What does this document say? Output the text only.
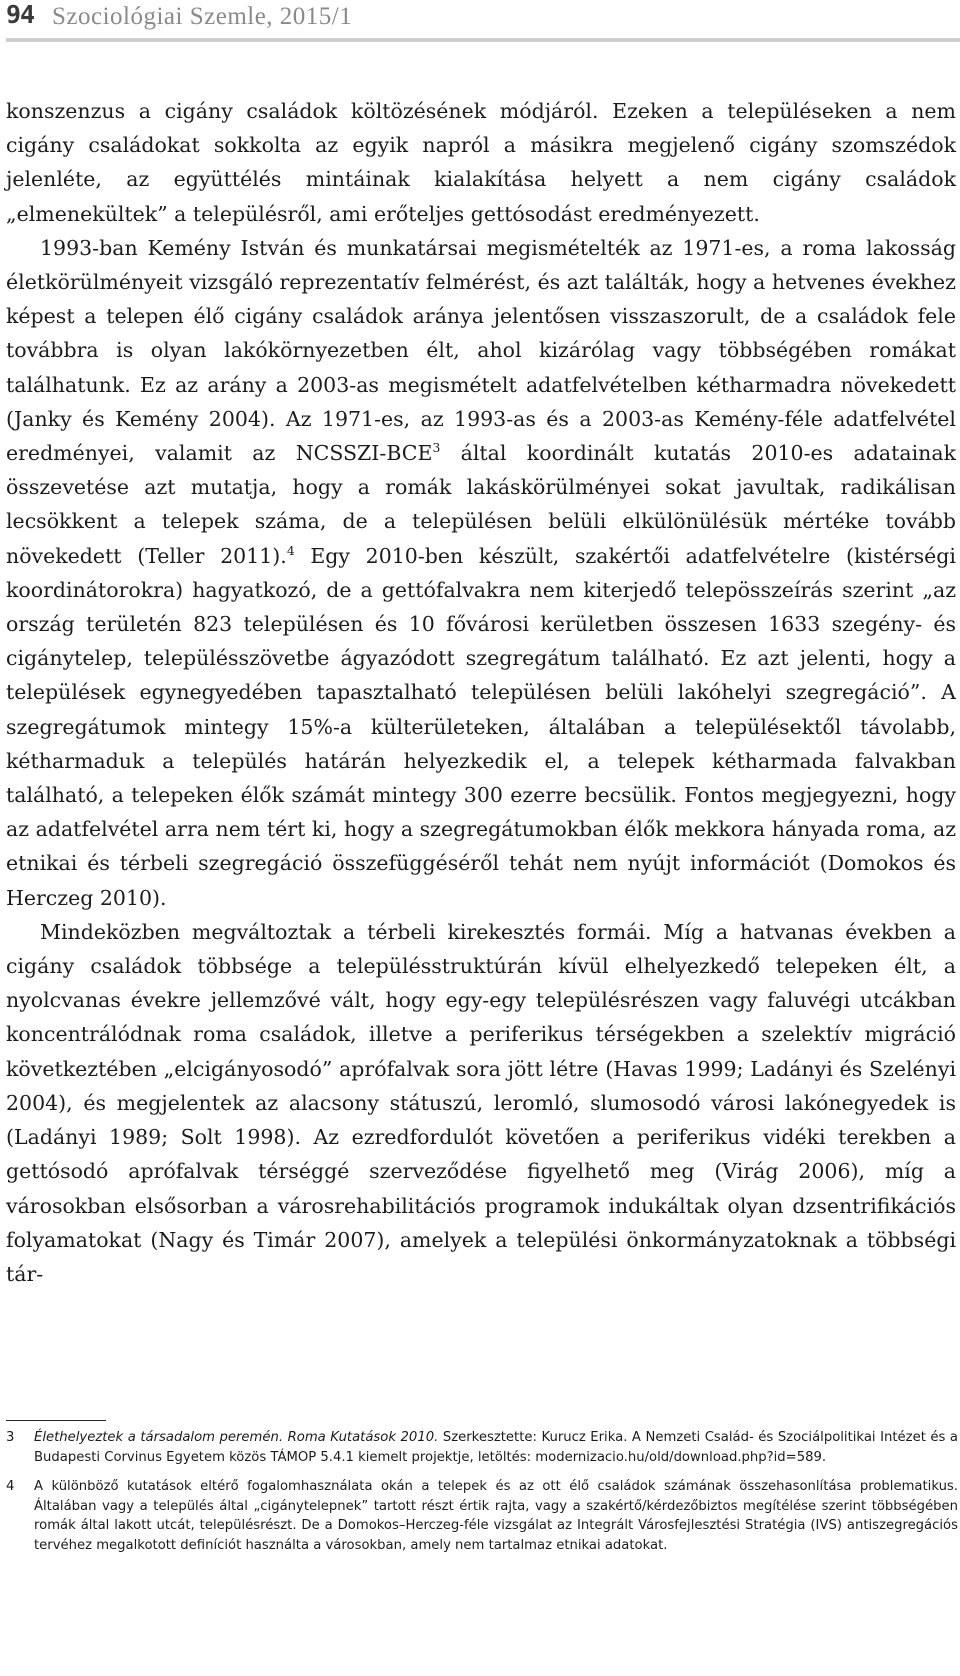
94 Szociológiai Szemle, 2015/1

konszenzus a cigány családok költözésének módjáról. Ezeken a településeken a nem cigány családokat sokkolta az egyik napról a másikra megjelenő cigány szomszédok jelenléte, az együttélés mintáinak kialakítása helyett a nem cigány családok „elmenekültek” a településről, ami erőteljes gettósodást eredményezett.

1993-ban Kemény István és munkatársai megismételték az 1971-es, a roma lakosság életkörülményeit vizsgáló reprezentatív felmérést, és azt találták, hogy a hetvenes évekhez képest a telepen élő cigány családok aránya jelentősen visszaszorult, de a családok fele továbbra is olyan lakókörnyezetben élt, ahol kizárólag vagy többségében romákat találhatunk. Ez az arány a 2003-as megismételt adatfelvételben kétharmadra növekedett (Janky és Kemény 2004). Az 1971-es, az 1993-as és a 2003-as Kemény-féle adatfelvétel eredményei, valamit az NCSSZI-BCE$^3$ által koordinált kutatás 2010-es adatainak összevetése azt mutatja, hogy a romák lakáskörülményei sokat javultak, radikálisan lecsökkent a telepek száma, de a településen belüli elkülönülésük mértéke tovább növekedett (Teller 2011).$^4$ Egy 2010-ben készült, szakértői adatfelvételre (kistérségi koordinátorokra) hagyatkozó, de a gettófalvakra nem kiterjedő telepösszeírás szerint „az ország területén 823 településen és 10 fővárosi kerületben összesen 1633 szegény- és cigánytelep, településszövetbe ágyazódott szegregátum található. Ez azt jelenti, hogy a települések egynegyedében tapasztalható településen belüli lakóhelyi szegregáció”. A szegregátumok mintegy 15%-a külterületeken, általában a településektől távolabb, kétharmaduk a település határán helyezkedik el, a telepek kétharmada falvakban található, a telepeken élők számát mintegy 300 ezerre becsülik. Fontos megjegyezni, hogy az adatfelvétel arra nem tért ki, hogy a szegregátumokban élők mekkora hányada roma, az etnikai és térbeli szegregáció összefüggéséről tehát nem nyújt információt (Domokos és Herczeg 2010).

Mindeközben megváltoztak a térbeli kirekesztés formái. Míg a hatvanas években a cigány családok többsége a településstruktúrán kívül elhelyezkedő telepeken élt, a nyolcvanas évekre jellemzővé vált, hogy egy-egy településrészen vagy faluvégi utcákban koncentrálódnak roma családok, illetve a periferikus térségekben a szelektív migráció következtében „elcigányosodó” aprófalvak sora jött létre (Havas 1999; Ladányi és Szelényi 2004), és megjelentek az alacsony státuszú, leromló, slumosodó városi lakónegyedek is (Ladányi 1989; Solt 1998). Az ezredfordulót követően a periferikus vidéki terekben a gettósodó aprófalvak térséggé szerveződése figyelhető meg (Virág 2006), míg a városokban elsősorban a városrehabilitációs programok indukáltak olyan dzsentrifikációs folyamatokat (Nagy és Timár 2007), amelyek a települési önkormányzatoknak a többségi tár-

3 Élethelyeztek a társadalom peremén. Roma Kutatások 2010. Szerkesztette: Kurucz Erika. A Nemzeti Család- és Szociálpolitikai Intézet és a Budapesti Corvinus Egyetem közös TÁMOP 5.4.1 kiemelt projektje, letöltés: modernizacio.hu/old/download.php?id=589.
4 A különböző kutatások eltérő fogalomhasználata okán a telepek és az ott élő családok számának összehasonlítása problematikus. Általában vagy a település által „cigánytelepnek” tartott részt értik rajta, vagy a szakértő/kérdezőbiztos megítélése szerint többségében romák által lakott utcát, településrészt. De a Domokos–Herczeg-féle vizsgálat az Integrált Városfejlesztési Stratégia (IVS) antiszegregációs tervéhez megalkotott definíciót használta a városokban, amely nem tartalmaz etnikai adatokat.
